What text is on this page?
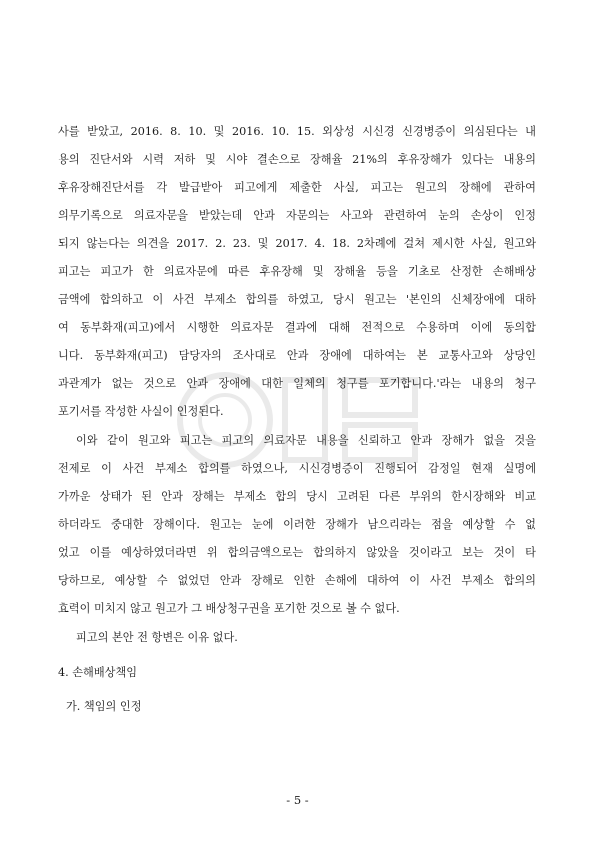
사를 받았고, 2016. 8. 10. 및 2016. 10. 15. 외상성 시신경 신경병증이 의심된다는 내
용의 진단서와 시력 저하 및 시야 결손으로 장해율 21%의 후유장해가 있다는 내용의
후유장해진단서를 각 발급받아 피고에게 제출한 사실, 피고는 원고의 장해에 관하여
의무기록으로 의료자문을 받았는데 안과 자문의는 사고와 관련하여 눈의 손상이 인정
되지 않는다는 의견을 2017. 2. 23. 및 2017. 4. 18. 2차례에 걸쳐 제시한 사실, 원고와
피고는 피고가 한 의료자문에 따른 후유장해 및 장해율 등을 기초로 산정한 손해배상
금액에 합의하고 이 사건 부제소 합의를 하였고, 당시 원고는 '본인의 신체장애에 대하
여 동부화재(피고)에서 시행한 의료자문 결과에 대해 전적으로 수용하며 이에 동의합
니다. 동부화재(피고) 담당자의 조사대로 안과 장애에 대하여는 본 교통사고와 상당인
과관계가 없는 것으로 안과 장애에 대한 일체의 청구를 포기합니다.'라는 내용의 청구
포기서를 작성한 사실이 인정된다.
이와 같이 원고와 피고는 피고의 의료자문 내용을 신뢰하고 안과 장해가 없을 것을
전제로 이 사건 부제소 합의를 하였으나, 시신경병증이 진행되어 감정일 현재 실명에
가까운 상태가 된 안과 장해는 부제소 합의 당시 고려된 다른 부위의 한시장해와 비교
하더라도 중대한 장해이다. 원고는 눈에 이러한 장해가 남으리라는 점을 예상할 수 없
었고 이를 예상하였더라면 위 합의금액으로는 합의하지 않았을 것이라고 보는 것이 타
당하므로, 예상할 수 없었던 안과 장해로 인한 손해에 대하여 이 사건 부제소 합의의
효력이 미치지 않고 원고가 그 배상청구권을 포기한 것으로 볼 수 없다.
피고의 본안 전 항변은 이유 없다.
4. 손해배상책임
가. 책임의 인정
- 5 -
